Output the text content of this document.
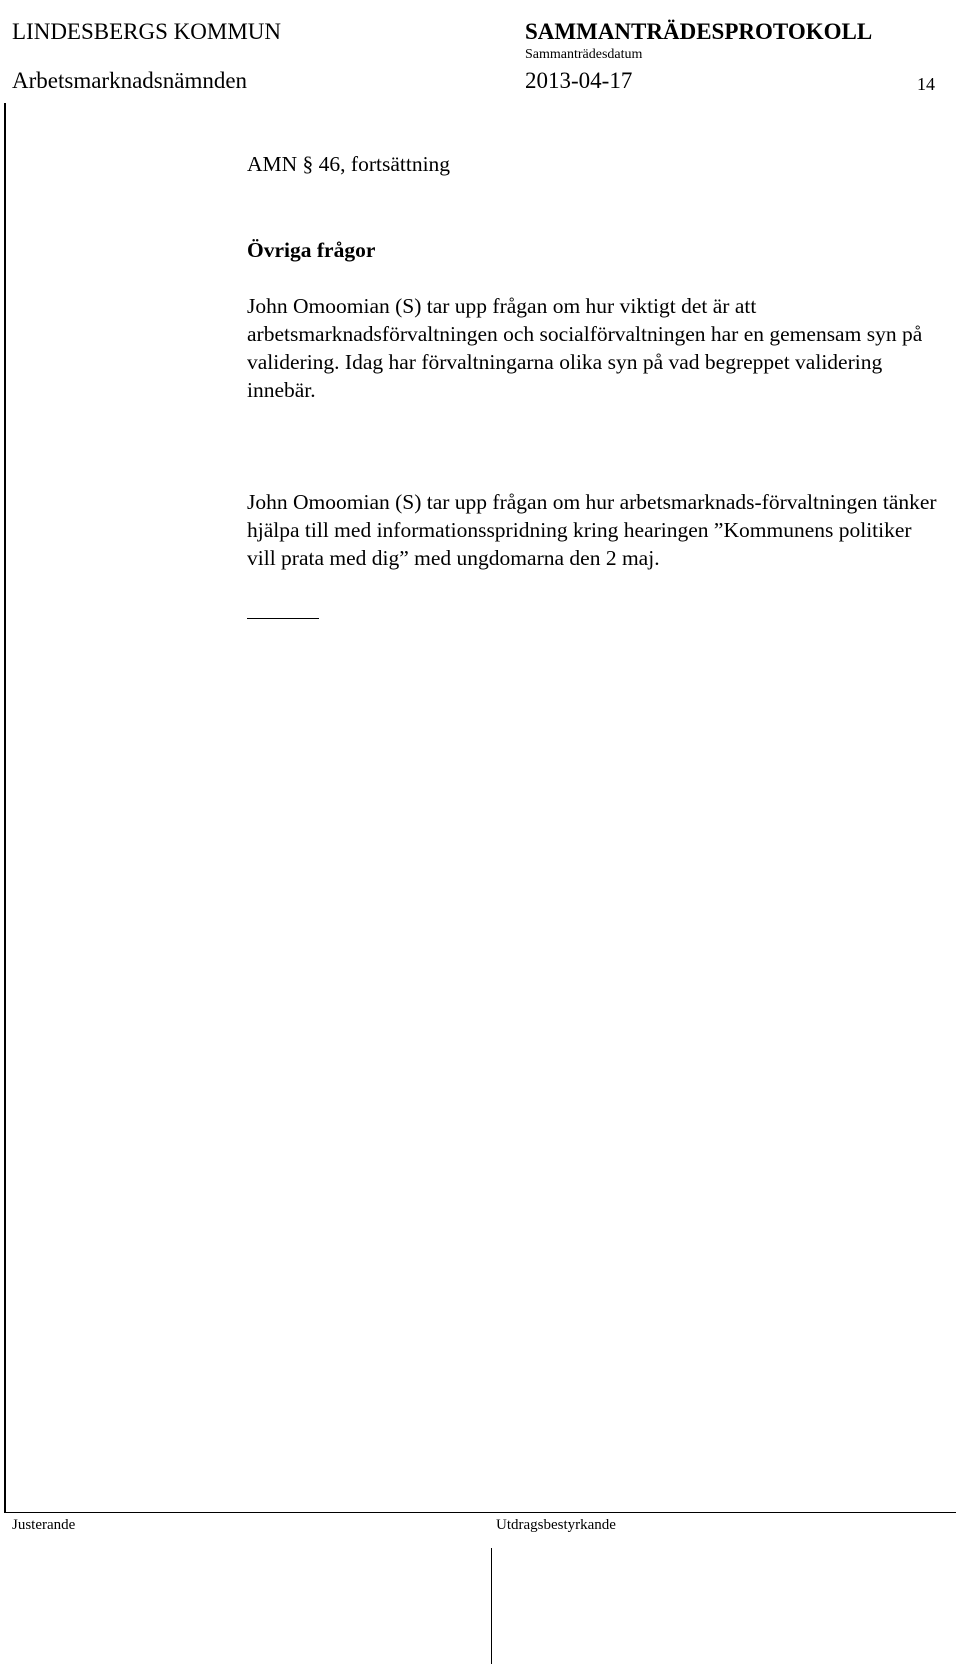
LINDESBERGS KOMMUN	SAMMANTRÄDESPROTOKOLL
Sammanträdesdatum
Arbetsmarknadsnämnden	2013-04-17	14

AMN § 46, fortsättning

Övriga frågor

John Omoomian (S) tar upp frågan om hur viktigt det är att arbetsmarknadsförvaltningen och socialförvaltningen har en gemensam syn på validering. Idag har förvaltningarna olika syn på vad begreppet validering innebär.

John Omoomian (S) tar upp frågan om hur arbetsmarknads-förvaltningen tänker hjälpa till med informationsspridning kring hearingen ”Kommunens politiker vill prata med dig” med ungdomarna den 2 maj.

Justerande	Utdragsbestyrkande
